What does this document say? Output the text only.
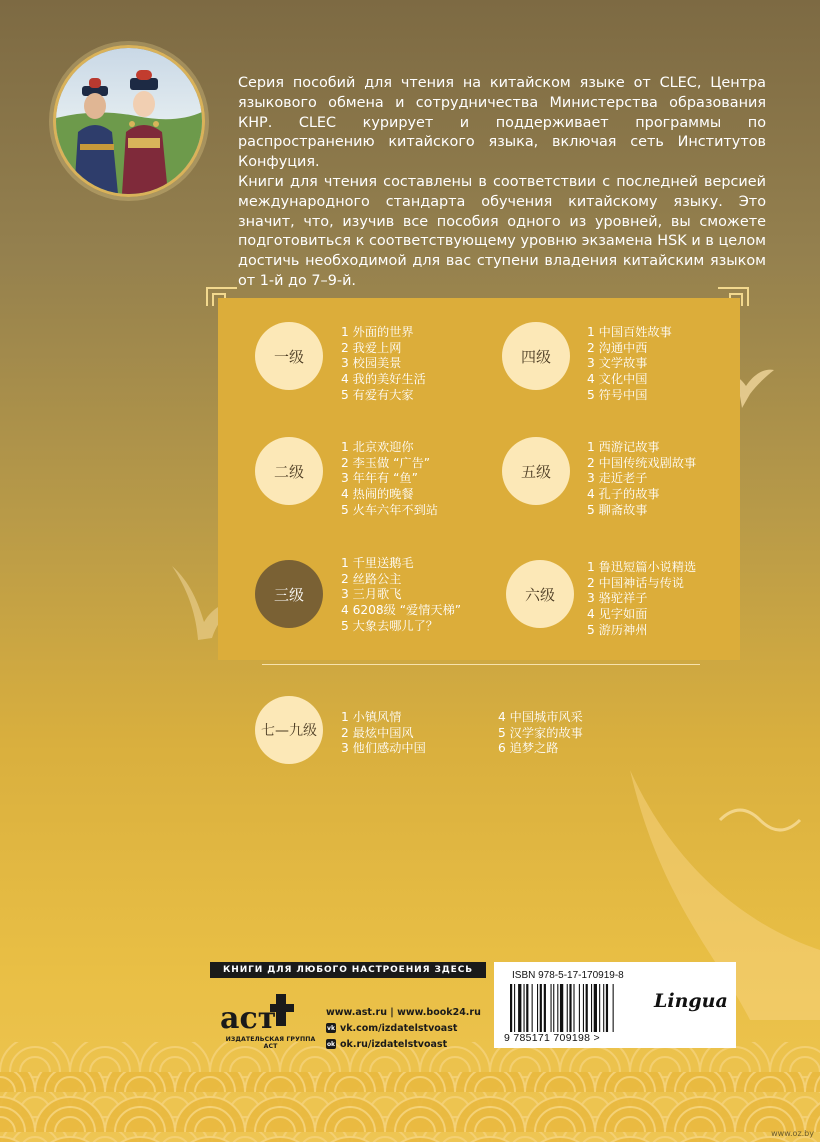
Серия пособий для чтения на китайском языке от CLEC, Центра языкового обмена и сотрудничества Министерства образования КНР. CLEC курирует и поддерживает программы по распространению китайского языка, включая сеть Институтов Конфуция.

Книги для чтения составлены в соответствии с последней версией международного стандарта обучения китайскому языку. Это значит, что, изучив все пособия одного из уровней, вы сможете подготовиться к соответствующему уровню экзамена HSK и в целом достичь необходимой для вас ступени владения китайским языком от 1-й до 7–9-й.

一级
1 外面的世界
2 我爱上网
3 校园美景
4 我的美好生活
5 有爱有大家
二级
1 北京欢迎你
2 李玉做 “广告”
3 年年有 “鱼”
4 热闹的晚餐
5 火车六年不到站
三级
1 千里送鹅毛
2 丝路公主
3 三月歌飞
4 6208级 “爱情天梯”
5 大象去哪儿了？
四级
1 中国百姓故事
2 沟通中西
3 文学故事
4 文化中国
5 符号中国
五级
1 西游记故事
2 中国传统戏剧故事
3 走近老子
4 孔子的故事
5 聊斋故事
六级
1 鲁迅短篇小说精选
2 中国神话与传说
3 骆驼祥子
4 见字如面
5 游历神州
七—九级
1 小镇风情
2 最炫中国风
3 他们感动中国
4 中国城市风采
5 汉学家的故事
6 追梦之路
КНИГИ ДЛЯ ЛЮБОГО НАСТРОЕНИЯ ЗДЕСЬ
аст
ИЗДАТЕЛЬСКАЯ ГРУППА АСТ
www.ast.ru | www.book24.ru
vk vk.com/izdatelstvoast
ok ok.ru/izdatelstvoast
ISBN 978-5-17-170919-8
9 785171 709198 >
Lingua
www.oz.by
